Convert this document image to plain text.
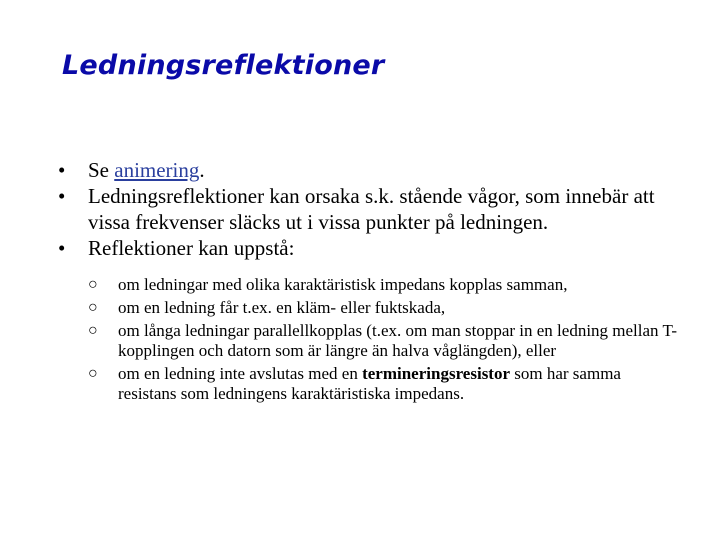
Ledningsreflektioner
•	Se animering.
•	Ledningsreflektioner kan orsaka s.k. stående vågor, som innebär att vissa frekvenser släcks ut i vissa punkter på ledningen.
•	Reflektioner kan uppstå:
○	om ledningar med olika karaktäristisk impedans kopplas samman,
○	om en ledning får t.ex. en kläm- eller fuktskada,
○	om långa ledningar parallellkopplas (t.ex. om man stoppar in en ledning mellan T-kopplingen och datorn som är längre än halva våglängden), eller
○	om en ledning inte avslutas med en termineringsresistor som har samma resistans som ledningens karaktäristiska impedans.
